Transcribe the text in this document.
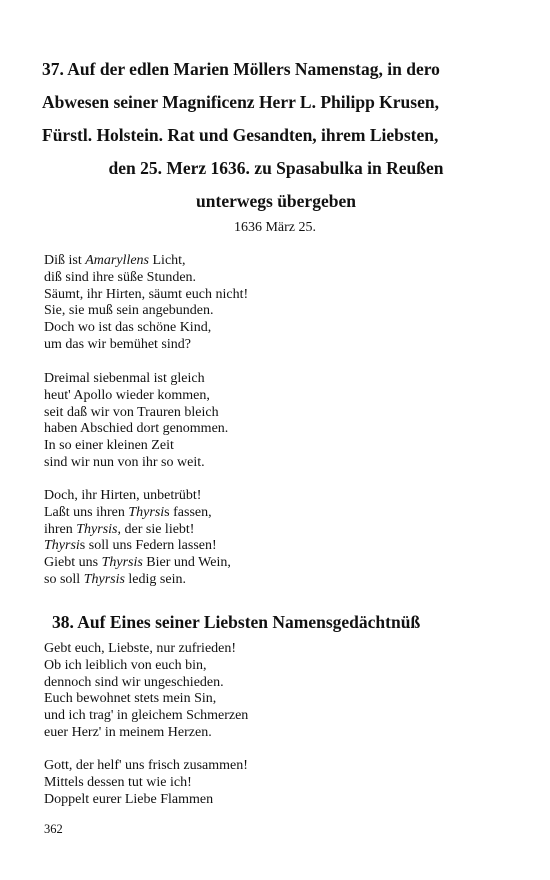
37. Auf der edlen Marien Möllers Namenstag, in dero
Abwesen seiner Magnificenz Herr L. Philipp Krusen,
Fürstl. Holstein. Rat und Gesandten, ihrem Liebsten,
den 25. Merz 1636. zu Spasabulka in Reußen
unterwegs übergeben
1636 März 25.
Diß ist Amaryllens Licht,
diß sind ihre süße Stunden.
Säumt, ihr Hirten, säumt euch nicht!
Sie, sie muß sein angebunden.
Doch wo ist das schöne Kind,
um das wir bemühet sind?
Dreimal siebenmal ist gleich
heut' Apollo wieder kommen,
seit daß wir von Trauren bleich
haben Abschied dort genommen.
In so einer kleinen Zeit
sind wir nun von ihr so weit.
Doch, ihr Hirten, unbetrübt!
Laßt uns ihren Thyrsis fassen,
ihren Thyrsis, der sie liebt!
Thyrsis soll uns Federn lassen!
Giebt uns Thyrsis Bier und Wein,
so soll Thyrsis ledig sein.
38. Auf Eines seiner Liebsten Namensgedächtnüß
Gebt euch, Liebste, nur zufrieden!
Ob ich leiblich von euch bin,
dennoch sind wir ungeschieden.
Euch bewohnet stets mein Sin,
und ich trag' in gleichem Schmerzen
euer Herz' in meinem Herzen.
Gott, der helf' uns frisch zusammen!
Mittels dessen tut wie ich!
Doppelt eurer Liebe Flammen
362
